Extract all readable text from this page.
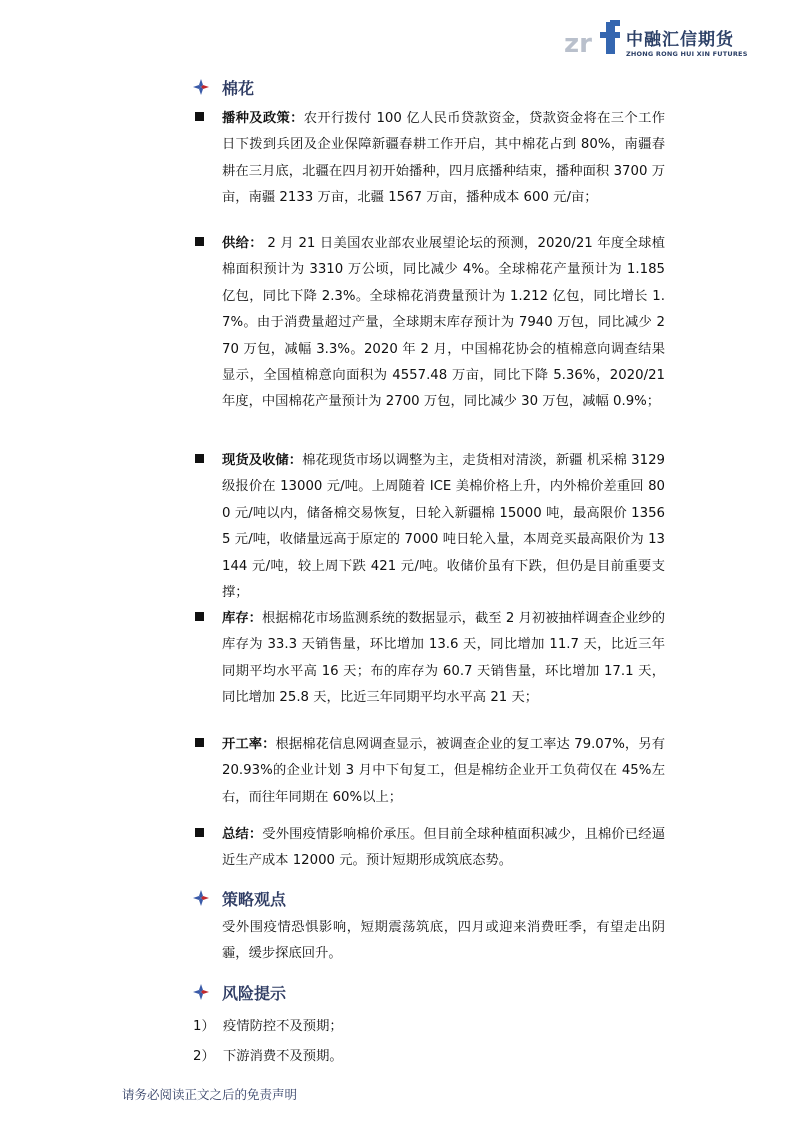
zr 中融汇信期货
ZHONG RONG HUI XIN FUTURES
棉花
播种及政策：农开行拨付 100 亿人民币贷款资金，贷款资金将在三个工作日下拨到兵团及企业保障新疆春耕工作开启，其中棉花占到 80%，南疆春耕在三月底，北疆在四月初开始播种，四月底播种结束，播种面积 3700 万亩，南疆 2133 万亩，北疆 1567 万亩，播种成本 600 元/亩；
供给： 2 月 21 日美国农业部农业展望论坛的预测，2020/21 年度全球植棉面积预计为 3310 万公顷，同比减少 4%。全球棉花产量预计为 1.185 亿包，同比下降 2.3%。全球棉花消费量预计为 1.212 亿包，同比增长 1.7%。由于消费量超过产量，全球期末库存预计为 7940 万包，同比减少 270 万包，减幅 3.3%。2020 年 2 月，中国棉花协会的植棉意向调查结果显示，全国植棉意向面积为 4557.48 万亩，同比下降 5.36%，2020/21 年度，中国棉花产量预计为 2700 万包，同比减少 30 万包，减幅 0.9%；
现货及收储：棉花现货市场以调整为主，走货相对清淡，新疆 机采棉 3129 级报价在 13000 元/吨。上周随着 ICE 美棉价格上升，内外棉价差重回 800 元/吨以内，储备棉交易恢复，日轮入新疆棉 15000 吨，最高限价 13565 元/吨，收储量远高于原定的 7000 吨日轮入量，本周竞买最高限价为 13144 元/吨，较上周下跌 421 元/吨。收储价虽有下跌，但仍是目前重要支撑；
库存：根据棉花市场监测系统的数据显示，截至 2 月初被抽样调查企业纱的库存为 33.3 天销售量，环比增加 13.6 天，同比增加 11.7 天，比近三年同期平均水平高 16 天；布的库存为 60.7 天销售量，环比增加 17.1 天，同比增加 25.8 天，比近三年同期平均水平高 21 天；
开工率：根据棉花信息网调查显示，被调查企业的复工率达 79.07%，另有 20.93%的企业计划 3 月中下旬复工，但是棉纺企业开工负荷仅在 45%左右，而往年同期在 60%以上；
总结：受外围疫情影响棉价承压。但目前全球种植面积减少，且棉价已经逼近生产成本 12000 元。预计短期形成筑底态势。
策略观点
受外围疫情恐惧影响，短期震荡筑底，四月或迎来消费旺季，有望走出阴霾，缓步探底回升。
风险提示
1） 疫情防控不及预期；
2） 下游消费不及预期。
请务必阅读正文之后的免责声明
